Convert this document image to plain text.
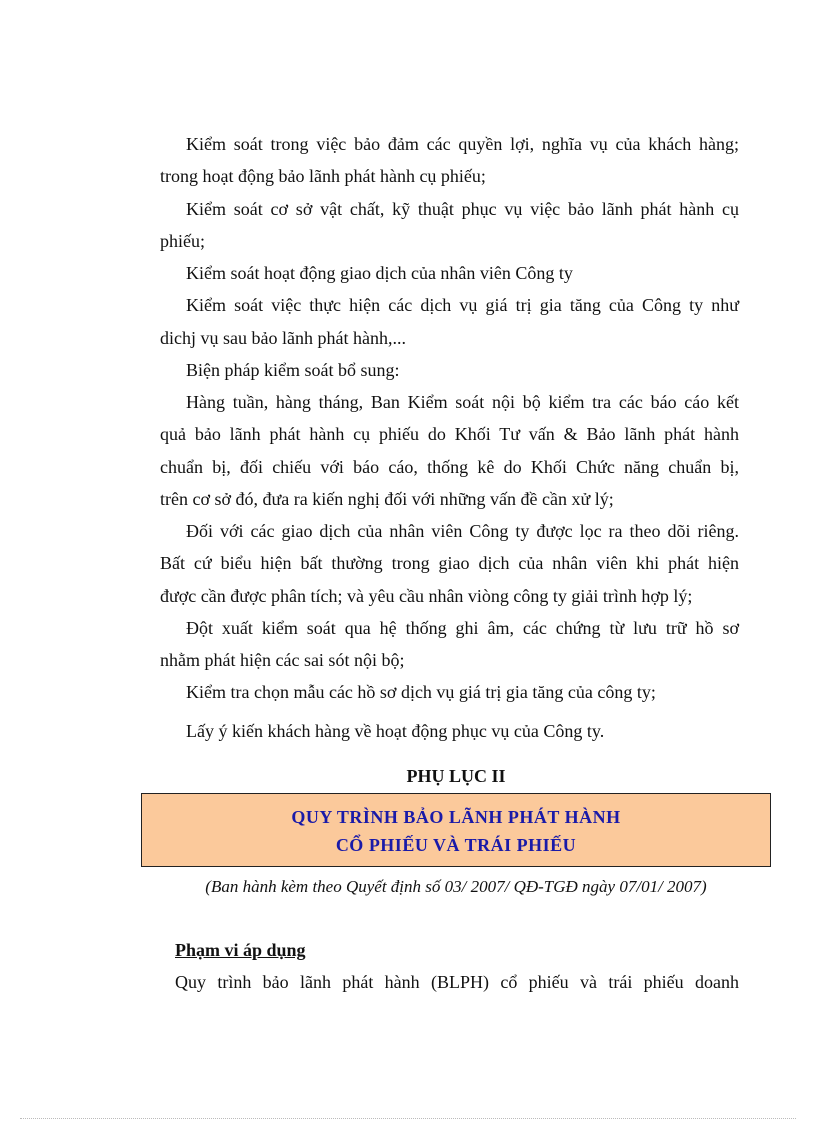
Kiểm soát trong việc bảo đảm các quyền lợi, nghĩa vụ của khách hàng;
trong hoạt động bảo lãnh phát hành cụ phiếu;
Kiểm soát cơ sở vật chất, kỹ thuật phục vụ việc bảo lãnh phát hành cụ
phiếu;
Kiểm soát hoạt động giao dịch của nhân viên Công ty
Kiểm soát việc thực hiện các dịch vụ giá trị gia tăng của Công ty như
dichj vụ sau bảo lãnh phát hành,...
Biện pháp kiểm soát bổ sung:
Hàng tuần, hàng tháng, Ban Kiểm soát nội bộ kiểm tra các báo cáo kết
quả bảo lãnh phát hành cụ phiếu do Khối Tư vấn & Bảo lãnh phát hành
chuẩn bị, đối chiếu với báo cáo, thống kê do Khối Chức năng chuẩn bị,
trên cơ sở đó, đưa ra kiến nghị đối với những vấn đề cần xử lý;
Đối với các giao dịch của nhân viên Công ty được lọc ra theo dõi riêng.
Bất cứ biểu hiện bất thường trong giao dịch của nhân viên khi phát hiện
được cần được phân tích; và yêu cầu nhân viòng công ty giải trình hợp lý;
Đột xuất kiểm soát qua hệ thống ghi âm, các chứng từ lưu trữ hồ sơ
nhằm phát hiện các sai sót nội bộ;
Kiểm tra chọn mẫu các hồ sơ dịch vụ giá trị gia tăng của công ty;
Lấy ý kiến khách hàng về hoạt động phục vụ của Công ty.
PHỤ LỤC II
QUY TRÌNH BẢO LÃNH PHÁT HÀNH
CỔ PHIẾU VÀ TRÁI PHIẾU
(Ban hành kèm theo Quyết định số 03/ 2007/ QĐ-TGĐ ngày 07/01/ 2007)
Phạm vi áp dụng
Quy trình bảo lãnh phát hành (BLPH) cổ phiếu và trái phiếu doanh
